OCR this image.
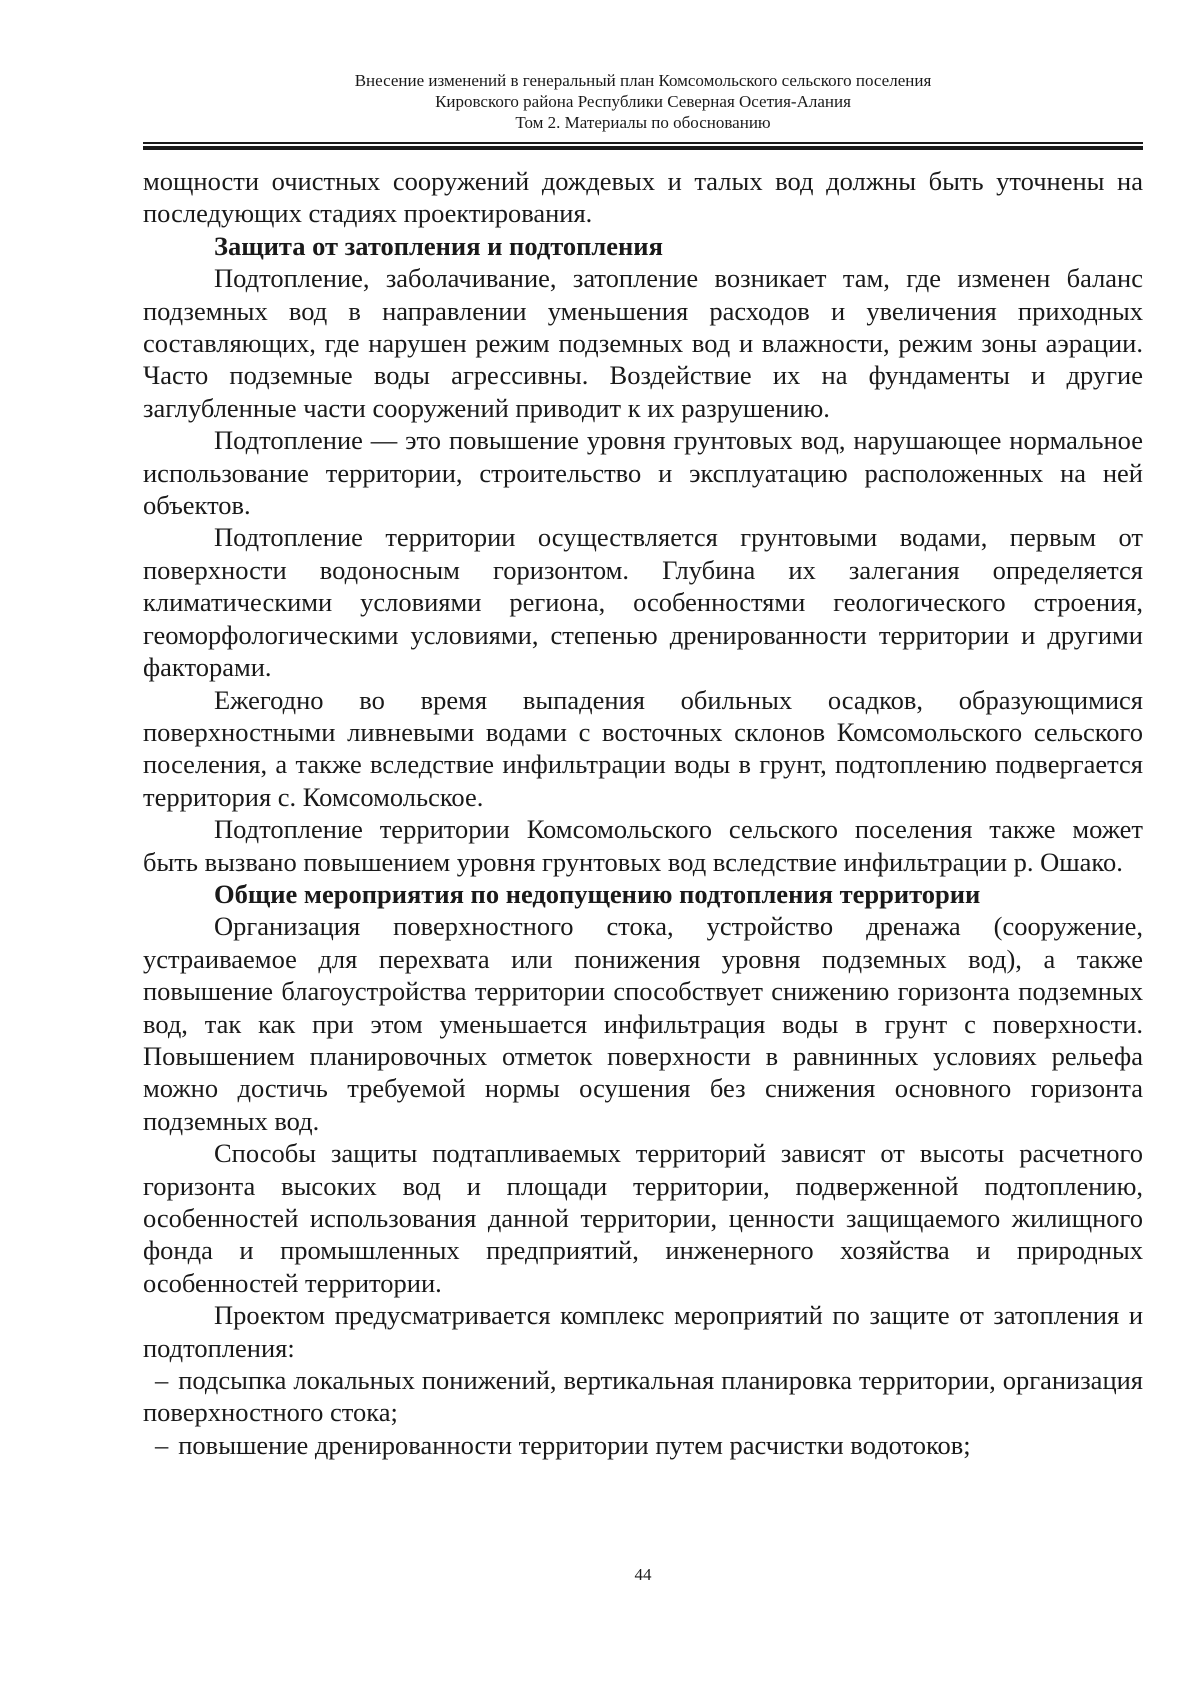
Внесение изменений в генеральный план Комсомольского сельского поселения
Кировского района Республики Северная Осетия-Алания
Том 2. Материалы по обоснованию

мощности очистных сооружений дождевых и талых вод должны быть уточнены на последующих стадиях проектирования.

Защита от затопления и подтопления

Подтопление, заболачивание, затопление возникает там, где изменен баланс подземных вод в направлении уменьшения расходов и увеличения приходных составляющих, где нарушен режим подземных вод и влажности, режим зоны аэрации. Часто подземные воды агрессивны. Воздействие их на фундаменты и другие заглубленные части сооружений приводит к их разрушению.

Подтопление — это повышение уровня грунтовых вод, нарушающее нормальное использование территории, строительство и эксплуатацию расположенных на ней объектов.

Подтопление территории осуществляется грунтовыми водами, первым от поверхности водоносным горизонтом. Глубина их залегания определяется климатическими условиями региона, особенностями геологического строения, геоморфологическими условиями, степенью дренированности территории и другими факторами.

Ежегодно во время выпадения обильных осадков, образующимися поверхностными ливневыми водами с восточных склонов Комсомольского сельского поселения, а также вследствие инфильтрации воды в грунт, подтоплению подвергается территория с. Комсомольское.

Подтопление территории Комсомольского сельского поселения также может быть вызвано повышением уровня грунтовых вод вследствие инфильтрации р. Ошако.

Общие мероприятия по недопущению подтопления территории

Организация поверхностного стока, устройство дренажа (сооружение, устраиваемое для перехвата или понижения уровня подземных вод), а также повышение благоустройства территории способствует снижению горизонта подземных вод, так как при этом уменьшается инфильтрация воды в грунт с поверхности. Повышением планировочных отметок поверхности в равнинных условиях рельефа можно достичь требуемой нормы осушения без снижения основного горизонта подземных вод.

Способы защиты подтапливаемых территорий зависят от высоты расчетного горизонта высоких вод и площади территории, подверженной подтоплению, особенностей использования данной территории, ценности защищаемого жилищного фонда и промышленных предприятий, инженерного хозяйства и природных особенностей территории.

Проектом предусматривается комплекс мероприятий по защите от затопления и подтопления:

– подсыпка локальных понижений, вертикальная планировка территории, организация поверхностного стока;

– повышение дренированности территории путем расчистки водотоков;

44
